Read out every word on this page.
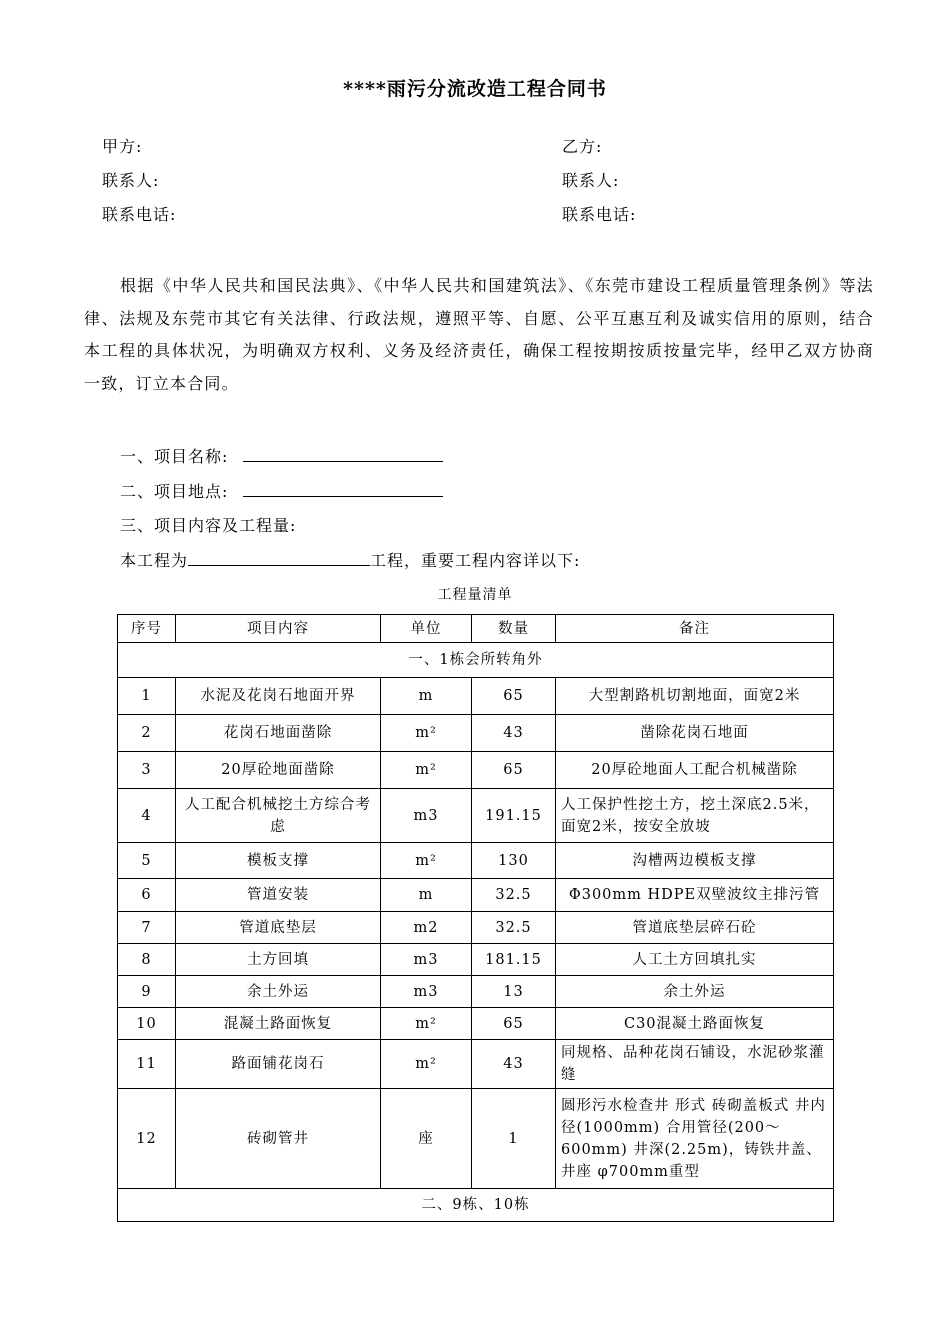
****雨污分流改造工程合同书
甲方:
联系人:
联系电话:
乙方:
联系人:
联系电话:
根据《中华人民共和国民法典》、《中华人民共和国建筑法》、《东莞市建设工程质量管理条例》等法律、法规及东莞市其它有关法律、行政法规，遵照平等、自愿、公平互惠互利及诚实信用的原则，结合本工程的具体状况，为明确双方权利、义务及经济责任，确保工程按期按质按量完毕，经甲乙双方协商一致，订立本合同。
一、项目名称:
二、项目地点:
三、项目内容及工程量:
本工程为	工程，重要工程内容详以下:
工程量清单
序号	项目内容	单位	数量	备注
一、1栋会所转角外				
1	水泥及花岗石地面开界	m	65	大型割路机切割地面，面宽2米
2	花岗石地面凿除	m²	43	凿除花岗石地面
3	20厚砼地面凿除	m²	65	20厚砼地面人工配合机械凿除
4	人工配合机械挖土方综合考虑	m3	191.15	人工保护性挖土方，挖土深底2.5米，面宽2米，按安全放坡
5	模板支撑	m²	130	沟槽两边模板支撑
6	管道安装	m	32.5	Φ300mm HDPE双壁波纹主排污管
7	管道底垫层	m2	32.5	管道底垫层碎石砼
8	土方回填	m3	181.15	人工土方回填扎实
9	余土外运	m3	13	余土外运
10	混凝土路面恢复	m²	65	C30混凝土路面恢复
11	路面铺花岗石	m²	43	同规格、品种花岗石铺设，水泥砂浆灌缝
12	砖砌管井	座	1	圆形污水检查井 形式 砖砌盖板式 井内径(1000mm) 合用管径(200～600mm) 井深(2.25m)，铸铁井盖、井座 φ700mm重型
二、9栋、10栋				
